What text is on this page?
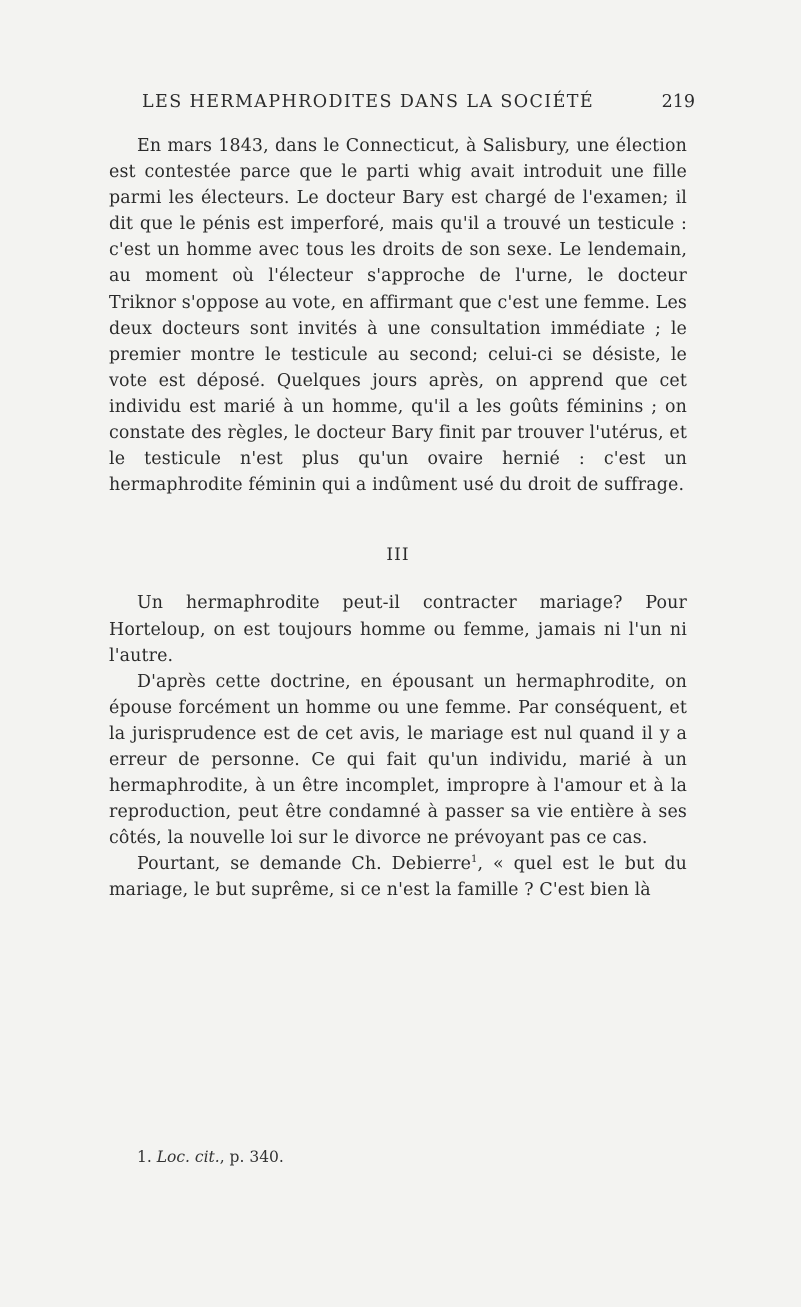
LES HERMAPHRODITES DANS LA SOCIÉTÉ	219

En mars 1843, dans le Connecticut, à Salisbury, une élection est contestée parce que le parti whig avait introduit une fille parmi les électeurs. Le docteur Bary est chargé de l'examen; il dit que le pénis est imperforé, mais qu'il a trouvé un testicule : c'est un homme avec tous les droits de son sexe. Le lendemain, au moment où l'électeur s'approche de l'urne, le docteur Triknor s'oppose au vote, en affirmant que c'est une femme. Les deux docteurs sont invités à une consultation immédiate ; le premier montre le testicule au second; celui-ci se désiste, le vote est déposé. Quelques jours après, on apprend que cet individu est marié à un homme, qu'il a les goûts féminins ; on constate des règles, le docteur Bary finit par trouver l'utérus, et le testicule n'est plus qu'un ovaire hernié : c'est un hermaphrodite féminin qui a indûment usé du droit de suffrage.

III

Un hermaphrodite peut-il contracter mariage? Pour Horteloup, on est toujours homme ou femme, jamais ni l'un ni l'autre.

D'après cette doctrine, en épousant un hermaphrodite, on épouse forcément un homme ou une femme. Par conséquent, et la jurisprudence est de cet avis, le mariage est nul quand il y a erreur de personne. Ce qui fait qu'un individu, marié à un hermaphrodite, à un être incomplet, impropre à l'amour et à la reproduction, peut être condamné à passer sa vie entière à ses côtés, la nouvelle loi sur le divorce ne prévoyant pas ce cas.

Pourtant, se demande Ch. Debierre$^1$, « quel est le but du mariage, le but suprême, si ce n'est la famille ? C'est bien là

1. Loc. cit., p. 340.
